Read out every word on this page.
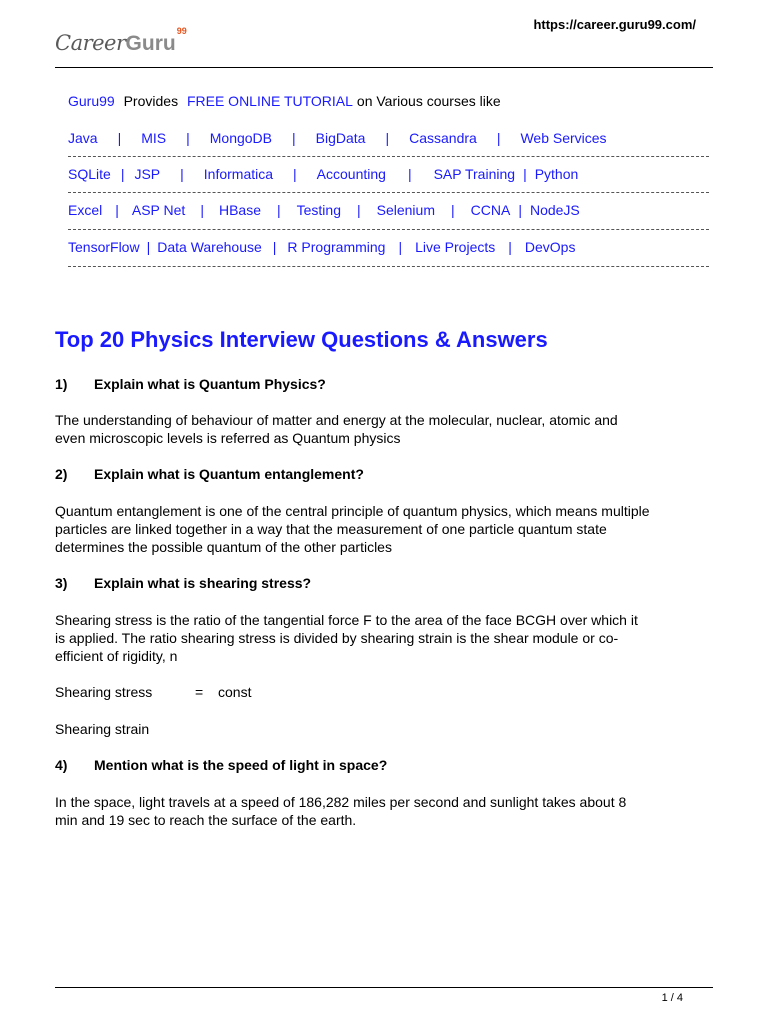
CareerGuru$^{99}$	https://career.guru99.com/
Guru99 Provides FREE ONLINE TUTORIAL on Various courses like
Java | MIS | MongoDB | BigData | Cassandra | Web Services
SQLite | JSP | Informatica | Accounting | SAP Training | Python
Excel | ASP Net | HBase | Testing | Selenium | CCNA | NodeJS
TensorFlow | Data Warehouse | R Programming | Live Projects | DevOps
Top 20 Physics Interview Questions & Answers
1) Explain what is Quantum Physics?
The understanding of behaviour of matter and energy at the molecular, nuclear, atomic and
even microscopic levels is referred as Quantum physics
2) Explain what is Quantum entanglement?
Quantum entanglement is one of the central principle of quantum physics, which means multiple
particles are linked together in a way that the measurement of one particle quantum state
determines the possible quantum of the other particles
3) Explain what is shearing stress?
Shearing stress is the ratio of the tangential force F to the area of the face BCGH over which it
is applied. The ratio shearing stress is divided by shearing strain is the shear module or co-
efficient of rigidity, n
Shearing stress	= const
Shearing strain
4) Mention what is the speed of light in space?
In the space, light travels at a speed of 186,282 miles per second and sunlight takes about 8
min and 19 sec to reach the surface of the earth.
1 / 4
